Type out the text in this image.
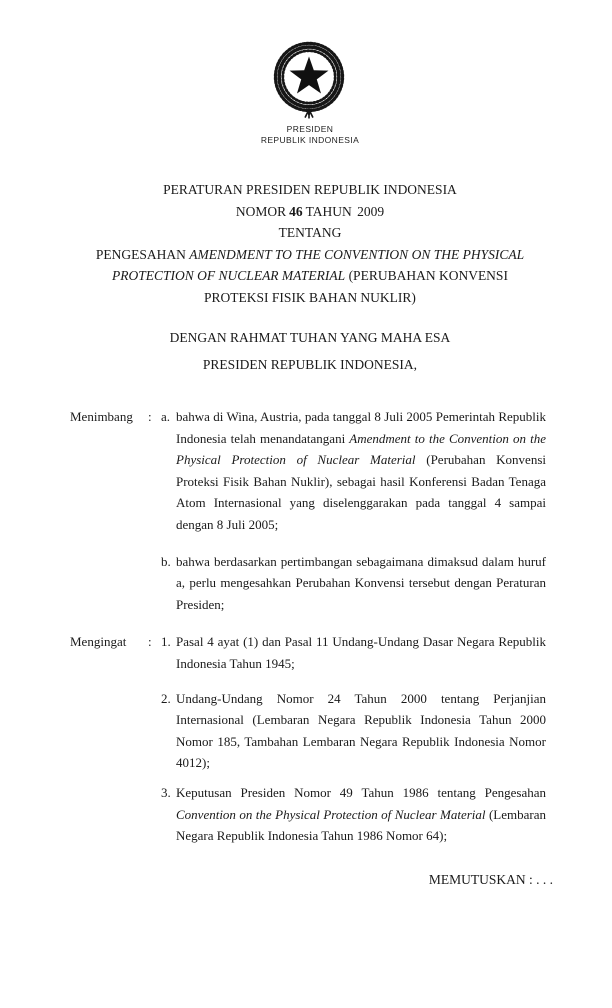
PRESIDEN
REPUBLIK INDONESIA
PERATURAN PRESIDEN REPUBLIK INDONESIA
NOMOR 46 TAHUN 2009
TENTANG
PENGESAHAN AMENDMENT TO THE CONVENTION ON THE PHYSICAL
PROTECTION OF NUCLEAR MATERIAL (PERUBAHAN KONVENSI
PROTEKSI FISIK BAHAN NUKLIR)
DENGAN RAHMAT TUHAN YANG MAHA ESA
PRESIDEN REPUBLIK INDONESIA,
Menimbang	: a. bahwa di Wina, Austria, pada tanggal 8 Juli 2005 Pemerintah Republik Indonesia telah menandatangani Amendment to the Convention on the Physical Protection of Nuclear Material (Perubahan Konvensi Proteksi Fisik Bahan Nuklir), sebagai hasil Konferensi Badan Tenaga Atom Internasional yang diselenggarakan pada tanggal 4 sampai dengan 8 Juli 2005;
b. bahwa berdasarkan pertimbangan sebagaimana dimaksud dalam huruf a, perlu mengesahkan Perubahan Konvensi tersebut dengan Peraturan Presiden;
Mengingat	: 1. Pasal 4 ayat (1) dan Pasal 11 Undang-Undang Dasar Negara Republik Indonesia Tahun 1945;
2. Undang-Undang Nomor 24 Tahun 2000 tentang Perjanjian Internasional (Lembaran Negara Republik Indonesia Tahun 2000 Nomor 185, Tambahan Lembaran Negara Republik Indonesia Nomor 4012);
3. Keputusan Presiden Nomor 49 Tahun 1986 tentang Pengesahan Convention on the Physical Protection of Nuclear Material (Lembaran Negara Republik Indonesia Tahun 1986 Nomor 64);
MEMUTUSKAN : . . .
